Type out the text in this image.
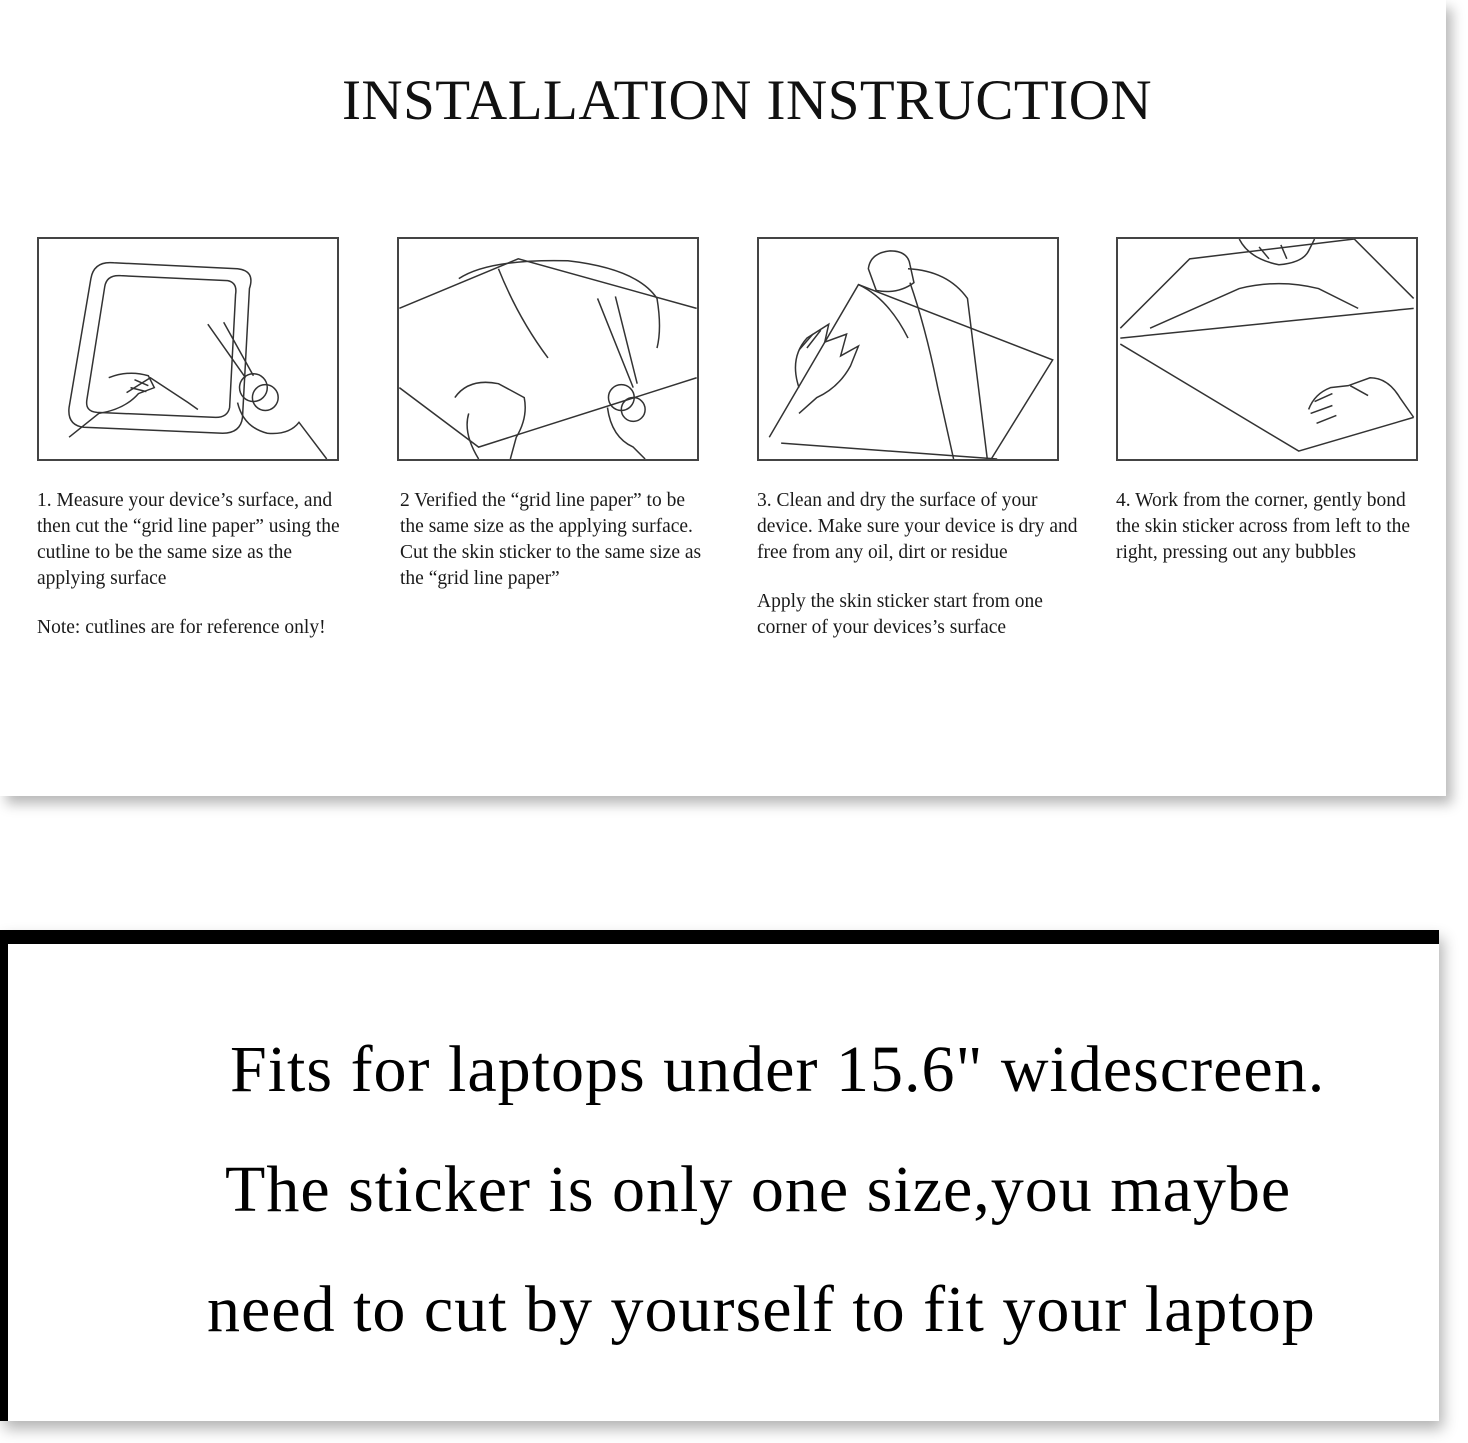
INSTALLATION INSTRUCTION

1. Measure your device’s surface, and then cut the “grid line paper” using the cutline to be the same size as the applying surface

Note: cutlines are for reference only!

2 Verified the “grid line paper” to be the same size as the applying surface. Cut the skin sticker to the same size as the “grid line paper”

3. Clean and dry the surface of your device. Make sure your device is dry and free from any oil, dirt or residue

Apply the skin sticker start from one corner of your devices’s surface

4. Work from the corner, gently bond the skin sticker across from left to the right, pressing out any bubbles

Fits for laptops under 15.6" widescreen.

The sticker is only one size,you maybe

need to cut by yourself to fit your laptop
